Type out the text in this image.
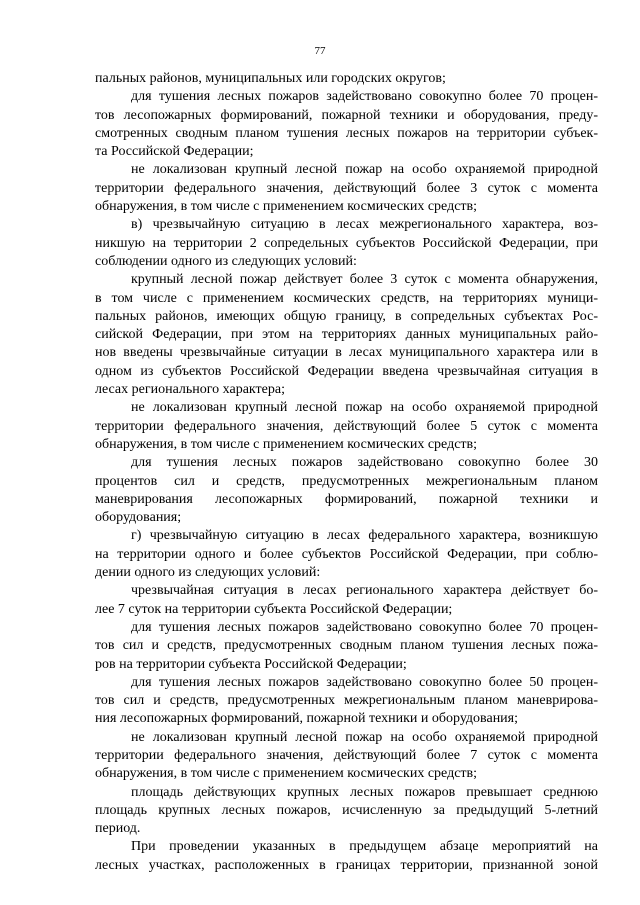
77

пальных районов, муниципальных или городских округов;

для тушения лесных пожаров задействовано совокупно более 70 процен-
тов лесопожарных формирований, пожарной техники и оборудования, преду-
смотренных сводным планом тушения лесных пожаров на территории субъек-
та Российской Федерации;

не локализован крупный лесной пожар на особо охраняемой природной
территории федерального значения, действующий более 3 суток с момента
обнаружения, в том числе с применением космических средств;

в) чрезвычайную ситуацию в лесах межрегионального характера, воз-
никшую на территории 2 сопредельных субъектов Российской Федерации, при
соблюдении одного из следующих условий:

крупный лесной пожар действует более 3 суток с момента обнаружения,
в том числе с применением космических средств, на территориях муници-
пальных районов, имеющих общую границу, в сопредельных субъектах Рос-
сийской Федерации, при этом на территориях данных муниципальных райо-
нов введены чрезвычайные ситуации в лесах муниципального характера или в
одном из субъектов Российской Федерации введена чрезвычайная ситуация в
лесах регионального характера;

не локализован крупный лесной пожар на особо охраняемой природной
территории федерального значения, действующий более 5 суток с момента
обнаружения, в том числе с применением космических средств;

для тушения лесных пожаров задействовано совокупно более 30
процентов сил и средств, предусмотренных межрегиональным планом
маневрирования лесопожарных формирований, пожарной техники и
оборудования;

г) чрезвычайную ситуацию в лесах федерального характера, возникшую
на территории одного и более субъектов Российской Федерации, при соблю-
дении одного из следующих условий:

чрезвычайная ситуация в лесах регионального характера действует бо-
лее 7 суток на территории субъекта Российской Федерации;

для тушения лесных пожаров задействовано совокупно более 70 процен-
тов сил и средств, предусмотренных сводным планом тушения лесных пожа-
ров на территории субъекта Российской Федерации;

для тушения лесных пожаров задействовано совокупно более 50 процен-
тов сил и средств, предусмотренных межрегиональным планом маневрирова-
ния лесопожарных формирований, пожарной техники и оборудования;

не локализован крупный лесной пожар на особо охраняемой природной
территории федерального значения, действующий более 7 суток с момента
обнаружения, в том числе с применением космических средств;

площадь действующих крупных лесных пожаров превышает среднюю
площадь крупных лесных пожаров, исчисленную за предыдущий 5-летний
период.

При проведении указанных в предыдущем абзаце мероприятий на
лесных участках, расположенных в границах территории, признанной зоной
